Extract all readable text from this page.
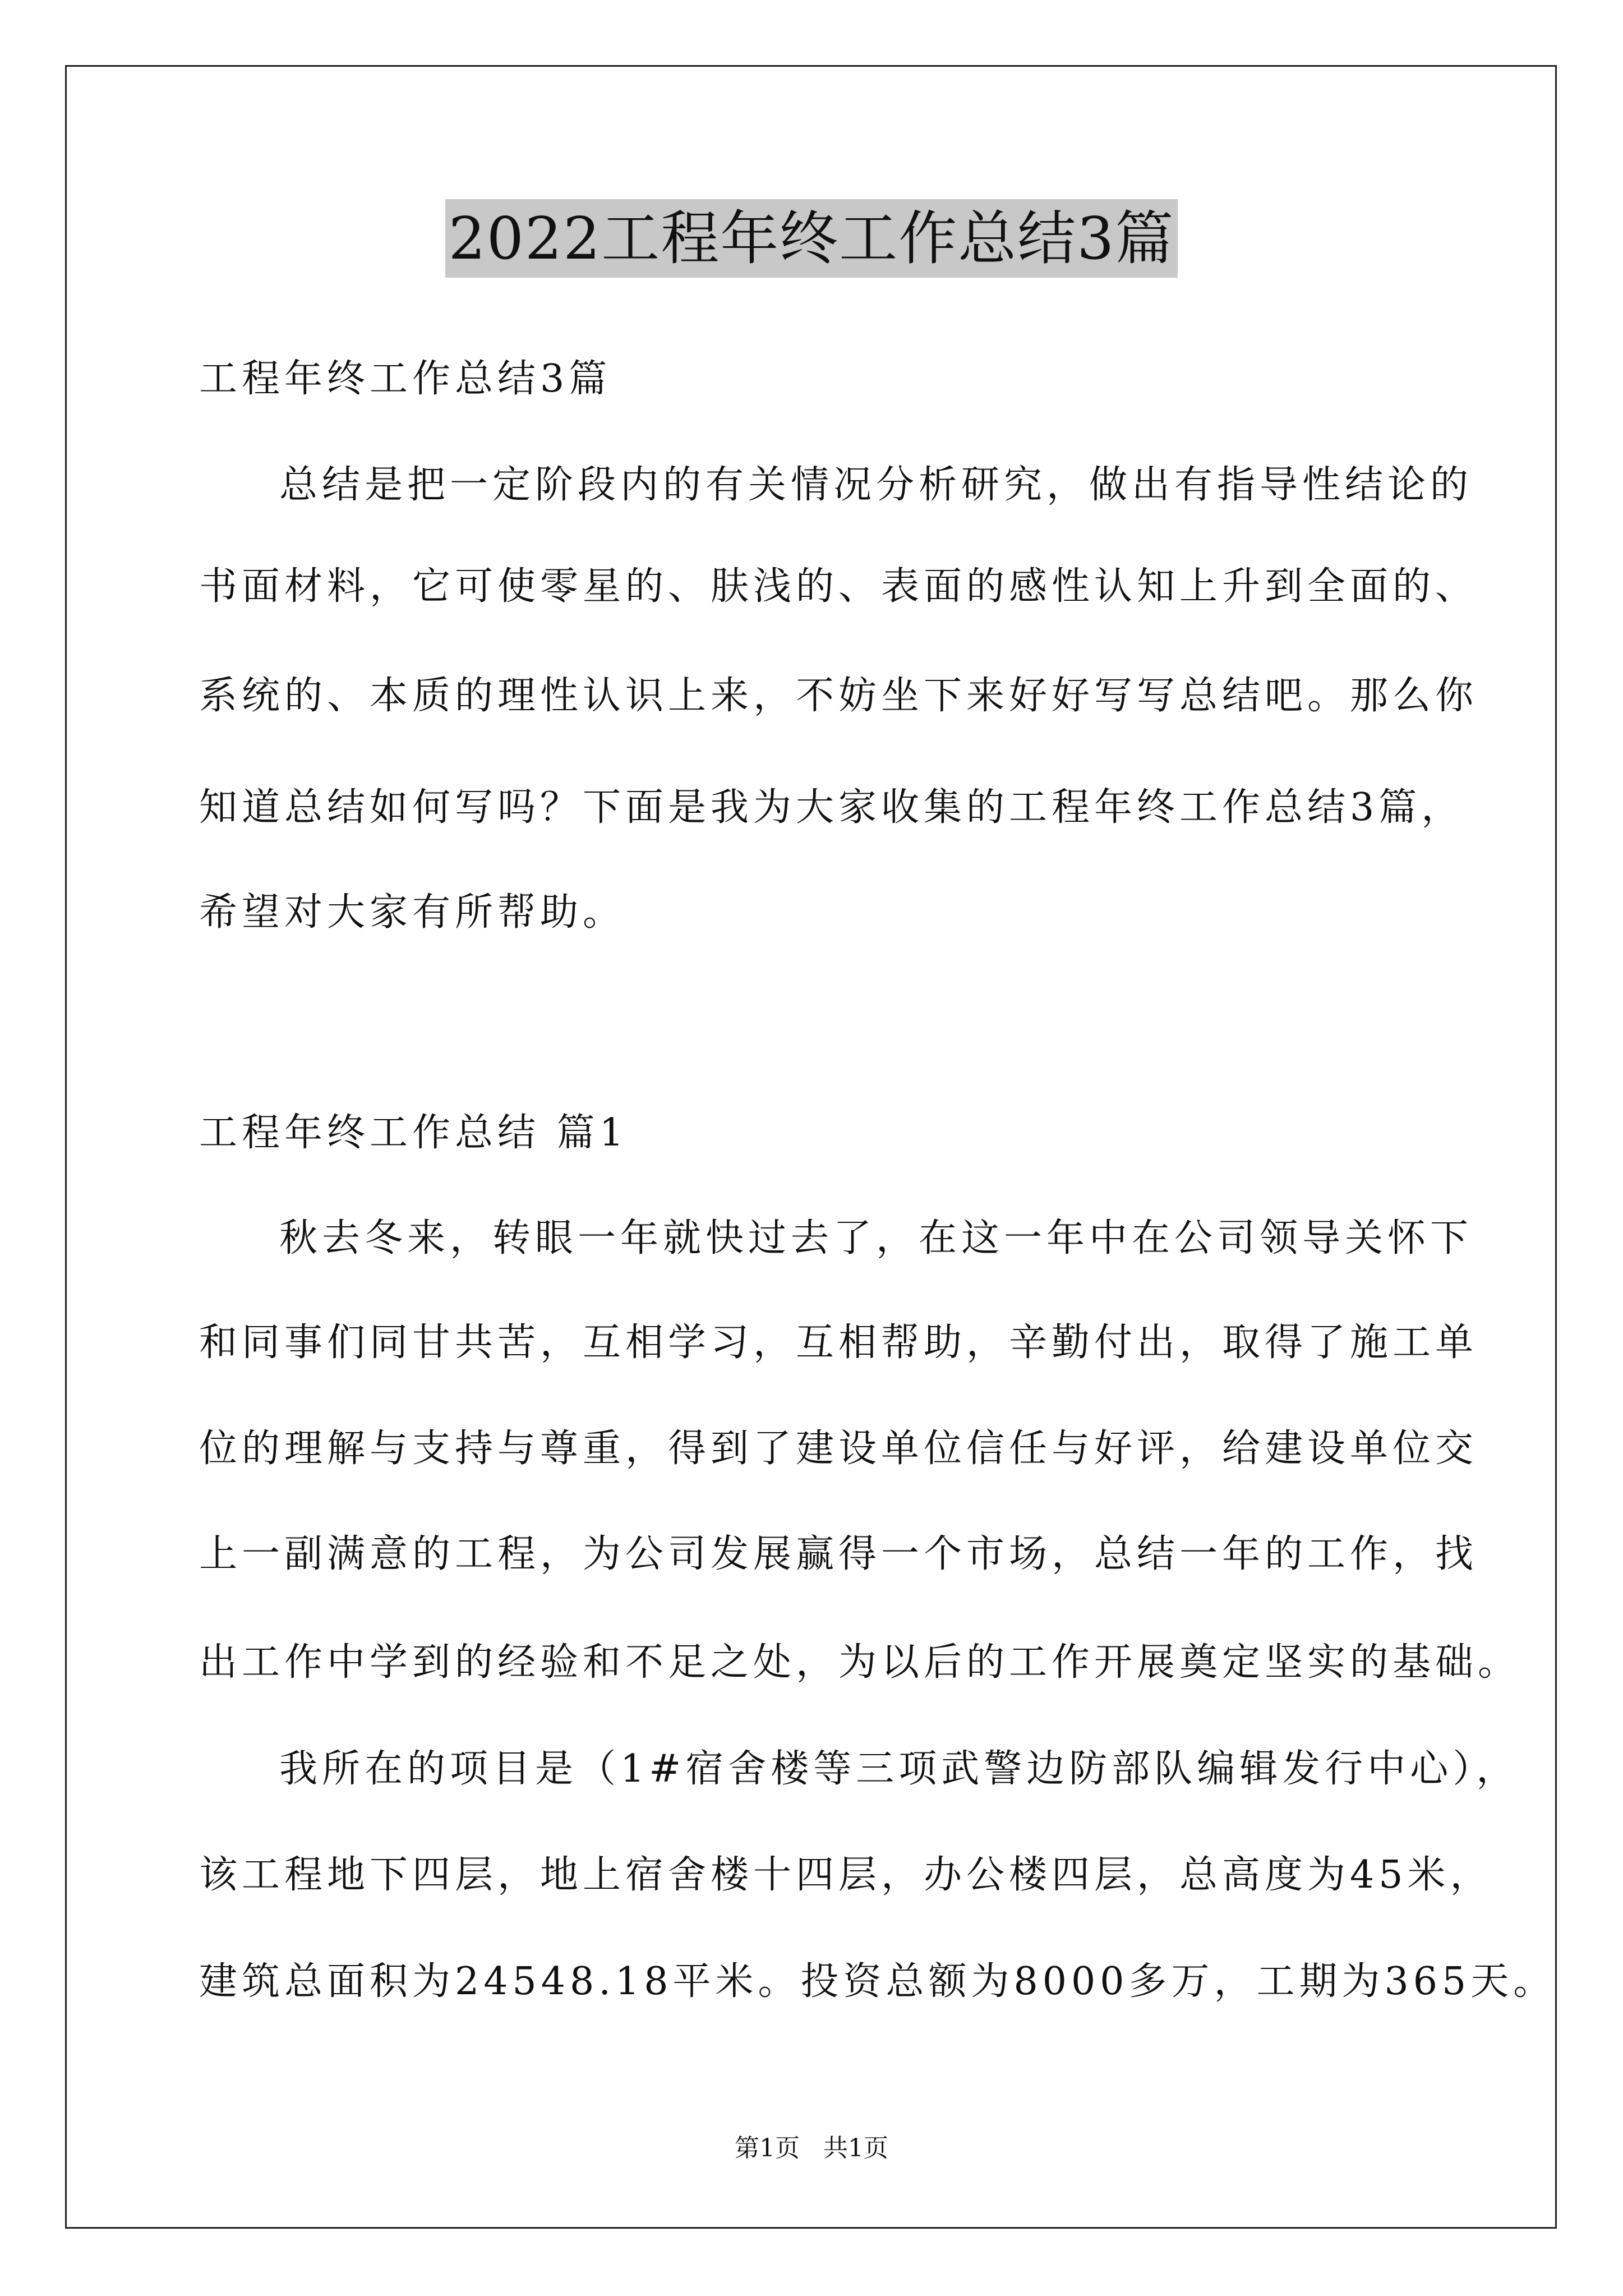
2022工程年终工作总结3篇
工程年终工作总结3篇
总结是把一定阶段内的有关情况分析研究，做出有指导性结论的
书面材料，它可使零星的、肤浅的、表面的感性认知上升到全面的、
系统的、本质的理性认识上来，不妨坐下来好好写写总结吧。那么你
知道总结如何写吗？下面是我为大家收集的工程年终工作总结3篇，
希望对大家有所帮助。
工程年终工作总结 篇1
秋去冬来，转眼一年就快过去了，在这一年中在公司领导关怀下
和同事们同甘共苦，互相学习，互相帮助，辛勤付出，取得了施工单
位的理解与支持与尊重，得到了建设单位信任与好评，给建设单位交
上一副满意的工程，为公司发展赢得一个市场，总结一年的工作，找
出工作中学到的经验和不足之处，为以后的工作开展奠定坚实的基础。
我所在的项目是（1#宿舍楼等三项武警边防部队编辑发行中心），
该工程地下四层，地上宿舍楼十四层，办公楼四层，总高度为45米，
建筑总面积为24548.18平米。投资总额为8000多万，工期为365天。
第1页   共1页
